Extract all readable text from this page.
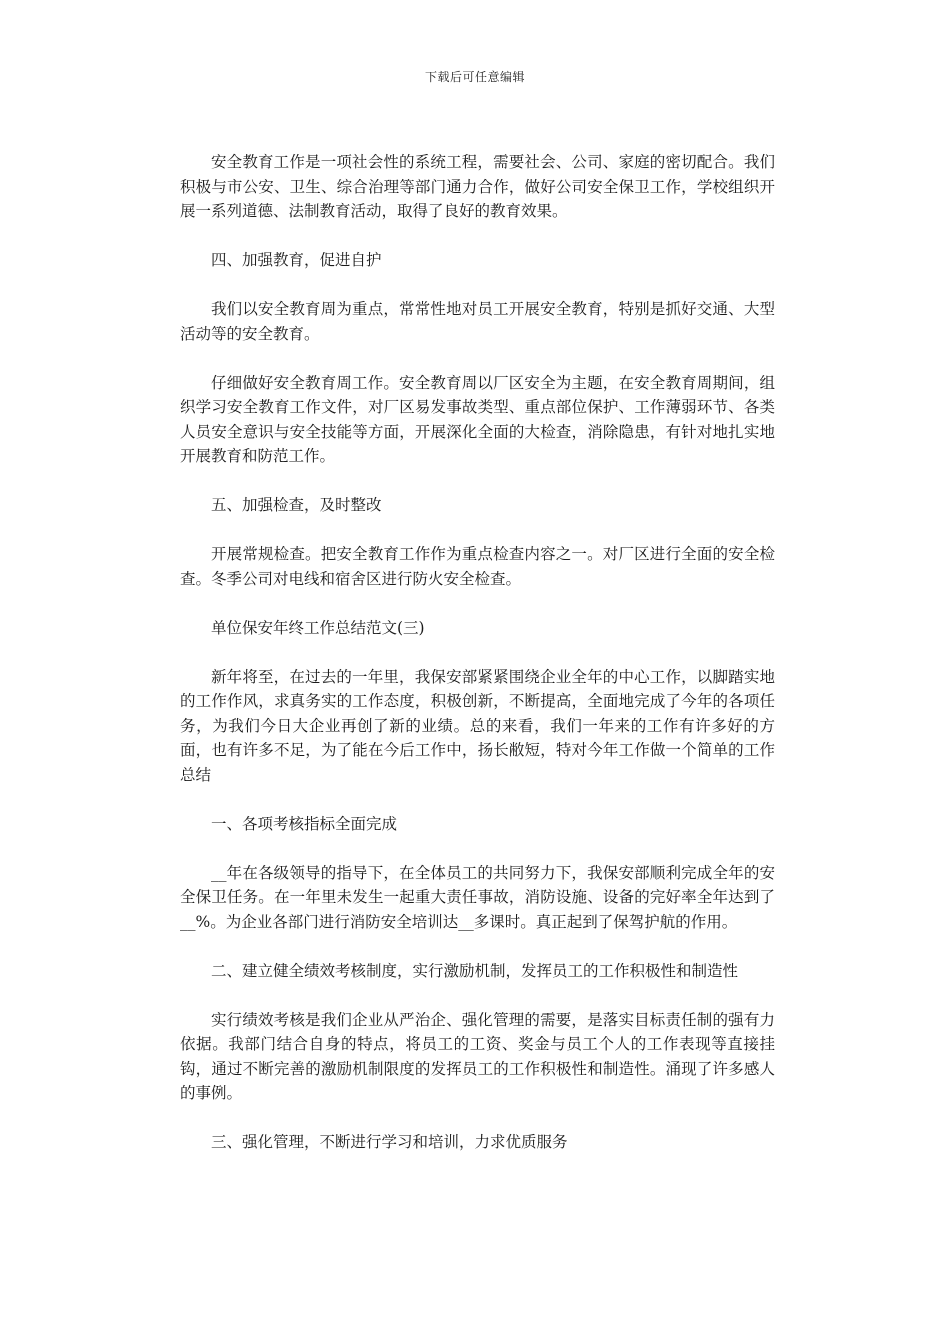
下载后可任意编辑

安全教育工作是一项社会性的系统工程，需要社会、公司、家庭的密切配合。我们积极与市公安、卫生、综合治理等部门通力合作，做好公司安全保卫工作，学校组织开展一系列道德、法制教育活动，取得了良好的教育效果。

四、加强教育，促进自护

我们以安全教育周为重点，常常性地对员工开展安全教育，特别是抓好交通、大型活动等的安全教育。

仔细做好安全教育周工作。安全教育周以厂区安全为主题，在安全教育周期间，组织学习安全教育工作文件，对厂区易发事故类型、重点部位保护、工作薄弱环节、各类人员安全意识与安全技能等方面，开展深化全面的大检查，消除隐患，有针对地扎实地开展教育和防范工作。

五、加强检查，及时整改

开展常规检查。把安全教育工作作为重点检查内容之一。对厂区进行全面的安全检查。冬季公司对电线和宿舍区进行防火安全检查。

单位保安年终工作总结范文(三)

新年将至，在过去的一年里，我保安部紧紧围绕企业全年的中心工作，以脚踏实地的工作作风，求真务实的工作态度，积极创新，不断提高，全面地完成了今年的各项任务，为我们今日大企业再创了新的业绩。总的来看，我们一年来的工作有许多好的方面，也有许多不足，为了能在今后工作中，扬长敝短，特对今年工作做一个简单的工作总结

一、各项考核指标全面完成

__年在各级领导的指导下，在全体员工的共同努力下，我保安部顺利完成全年的安全保卫任务。在一年里未发生一起重大责任事故，消防设施、设备的完好率全年达到了__%。为企业各部门进行消防安全培训达__多课时。真正起到了保驾护航的作用。

二、建立健全绩效考核制度，实行激励机制，发挥员工的工作积极性和制造性

实行绩效考核是我们企业从严治企、强化管理的需要，是落实目标责任制的强有力依据。我部门结合自身的特点，将员工的工资、奖金与员工个人的工作表现等直接挂钩，通过不断完善的激励机制限度的发挥员工的工作积极性和制造性。涌现了许多感人的事例。

三、强化管理，不断进行学习和培训，力求优质服务
